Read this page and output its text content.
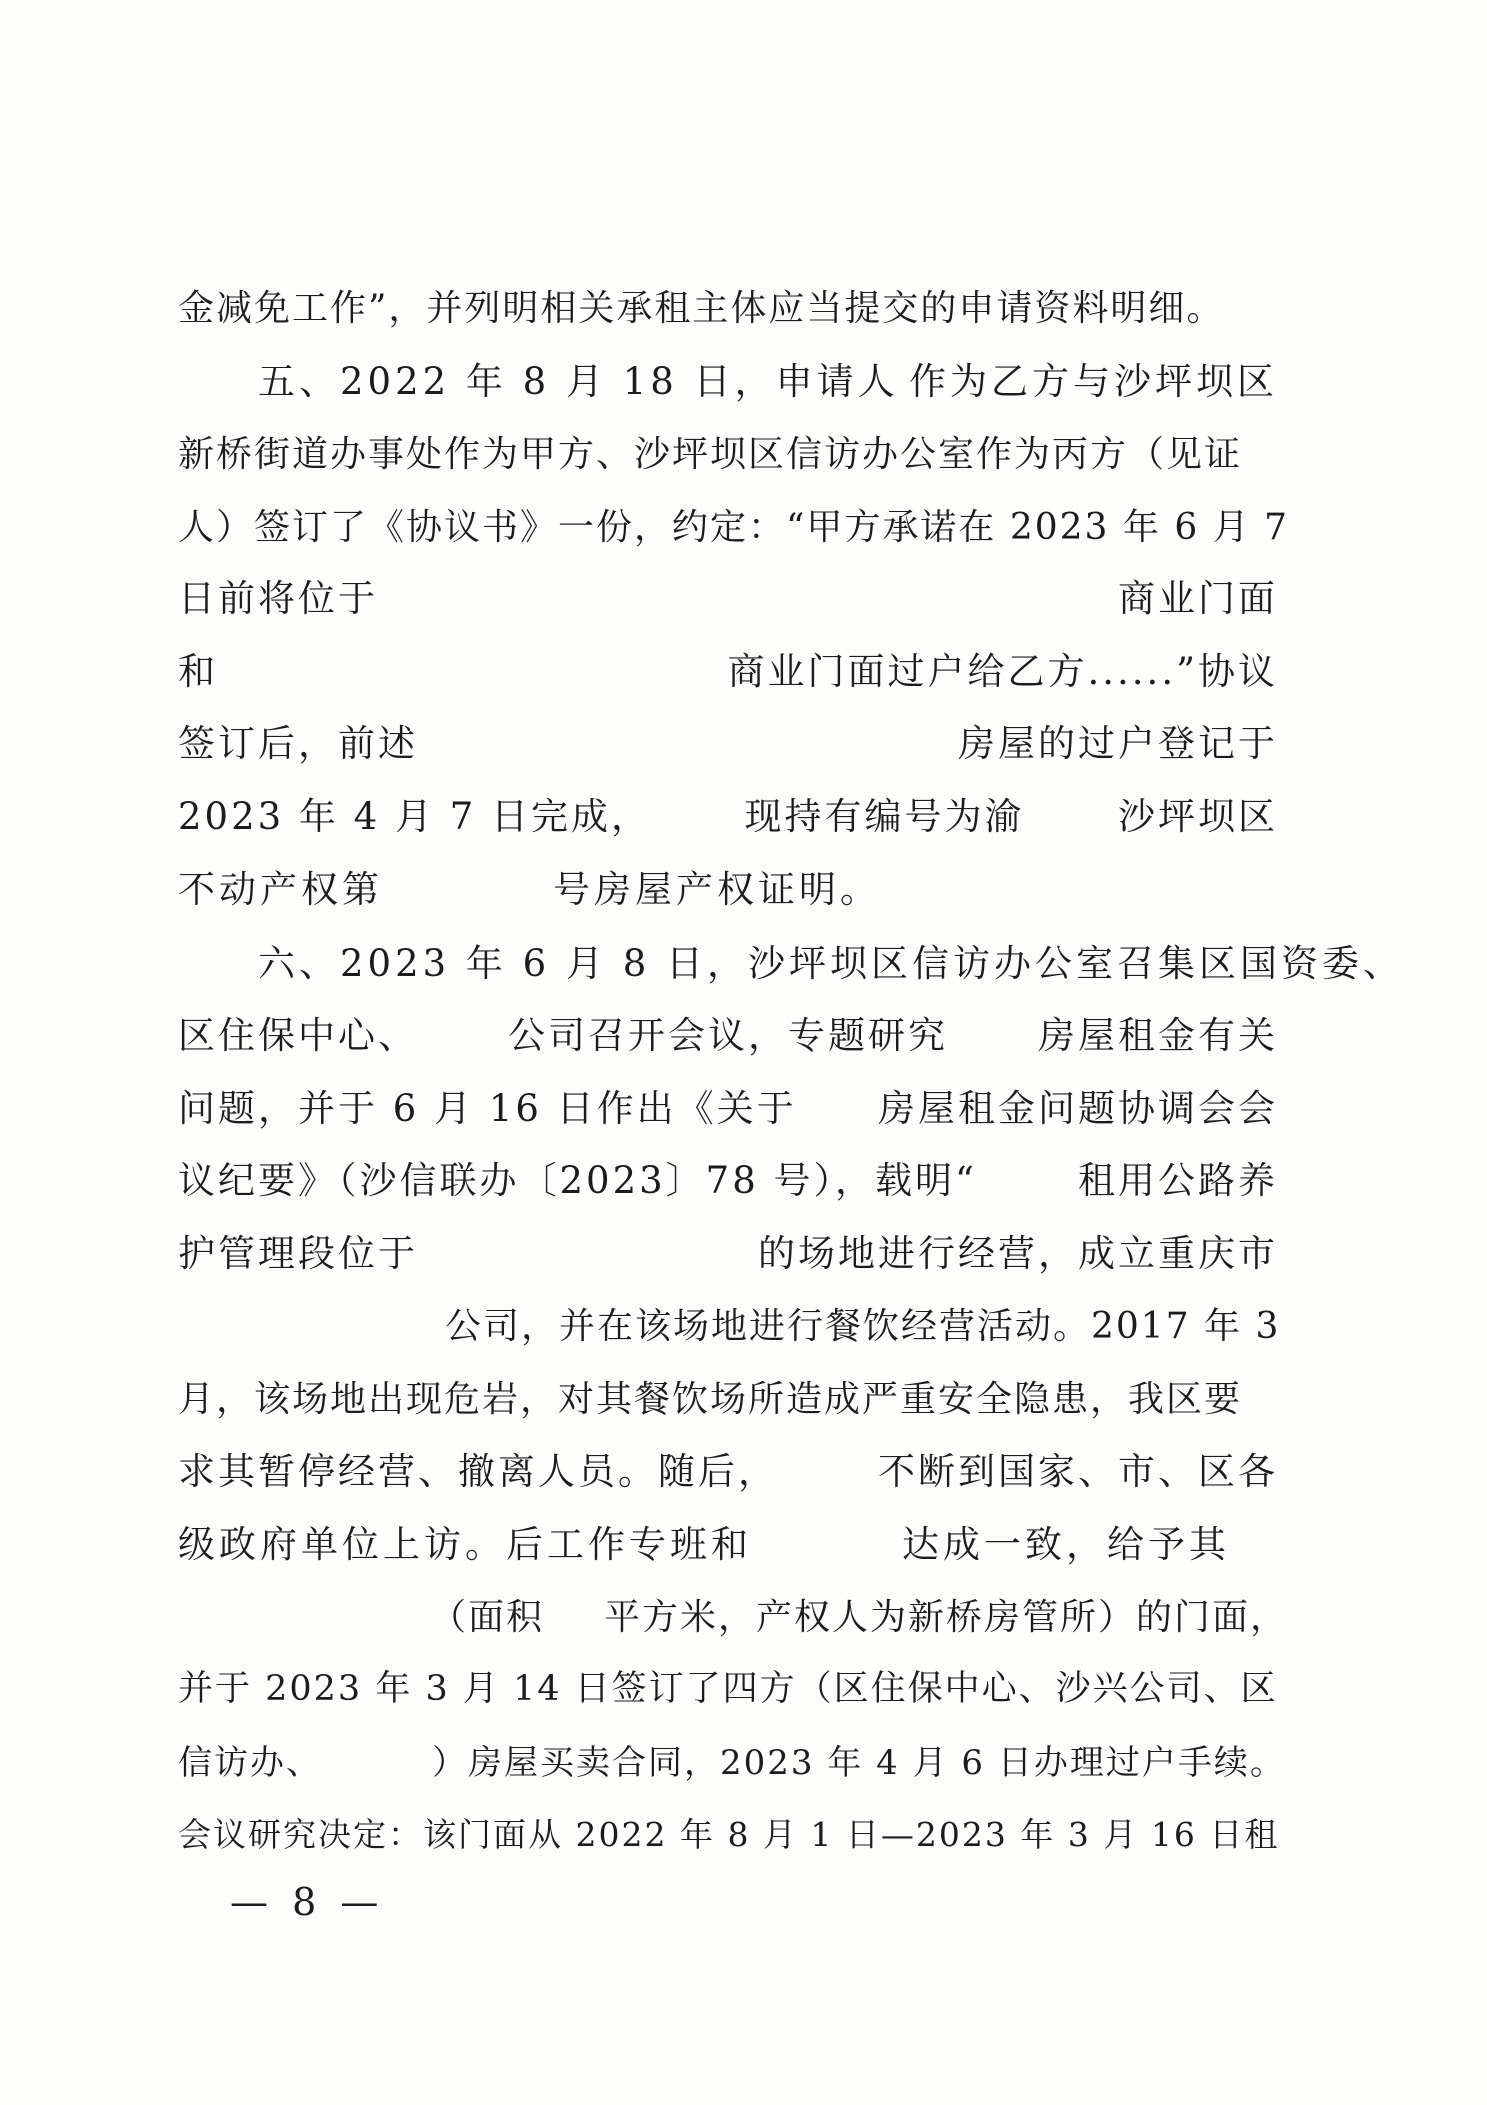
金减免工作”，并列明相关承租主体应当提交的申请资料明细。
五、2022 年 8 月 18 日，申请人 作为乙方与沙坪坝区
新桥街道办事处作为甲方、沙坪坝区信访办公室作为丙方（见证
人）签订了《协议书》一份，约定：“甲方承诺在 2023 年 6 月 7
日前将位于	商业门面
和	商业门面过户给乙方......”协议
签订后，前述	房屋的过户登记于
2023 年 4 月 7 日完成，	现持有编号为渝	沙坪坝区
不动产权第	号房屋产权证明。
六、2023 年 6 月 8 日，沙坪坝区信访办公室召集区国资委、
区住保中心、 公司召开会议，专题研究 房屋租金有关
问题，并于 6 月 16 日作出《关于 房屋租金问题协调会会
议纪要》（沙信联办〔2023〕78 号），载明“	租用公路养
护管理段位于	的场地进行经营，成立重庆市
公司，并在该场地进行餐饮经营活动。2017 年 3
月，该场地出现危岩，对其餐饮场所造成严重安全隐患，我区要
求其暂停经营、撤离人员。随后，	不断到国家、市、区各
级政府单位上访。后工作专班和	达成一致，给予其
（面积 平方米，产权人为新桥房管所）的门面，
并于 2023 年 3 月 14 日签订了四方（区住保中心、沙兴公司、区
信访办、	）房屋买卖合同，2023 年 4 月 6 日办理过户手续。
会议研究决定：该门面从 2022 年 8 月 1 日—2023 年 3 月 16 日租
— 8 —
